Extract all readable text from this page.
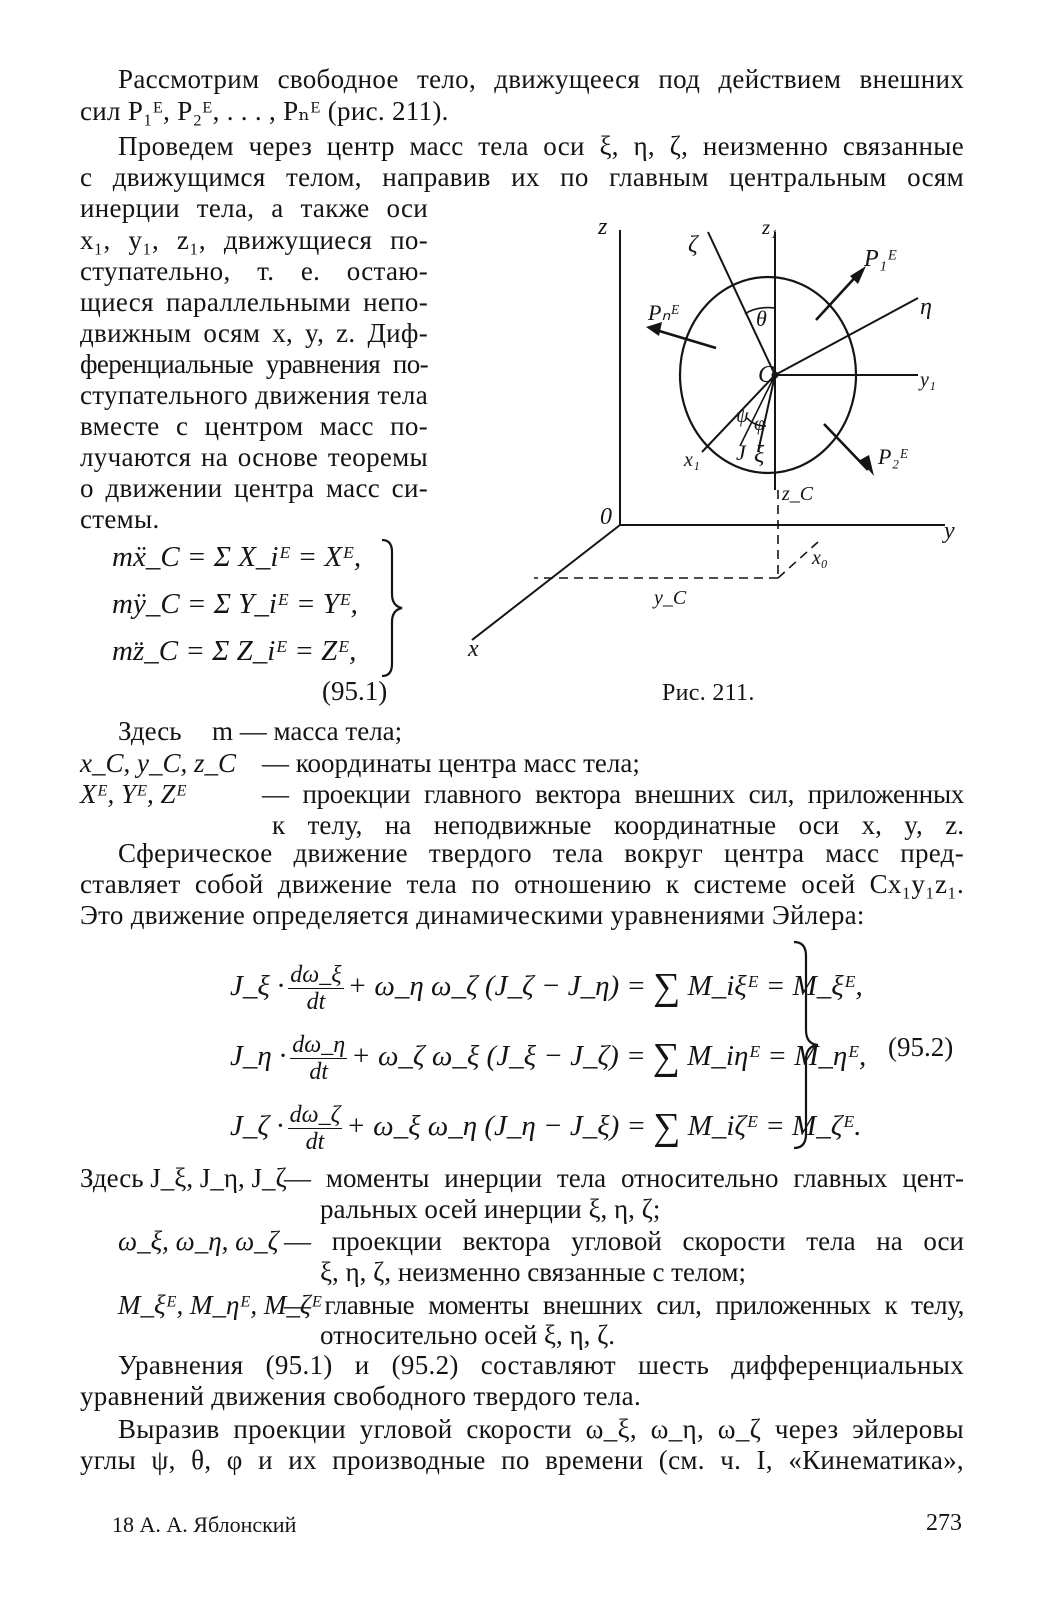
Рассмотрим свободное тело, движущееся под действием внешних
сил P₁ᴱ, P₂ᴱ, . . . , Pₙᴱ (рис. 211).
Проведем через центр масс тела оси ξ, η, ζ, неизменно связанные
с движущимся телом, направив их по главным центральным осям
инерции тела, а также оси
x₁, y₁, z₁, движущиеся по-
ступательно, т. е. остаю-
щиеся параллельными непо-
движным осям x, y, z. Диф-
ференциальные уравнения по-
ступательного движения тела
вместе с центром масс по-
лучаются на основе теоремы
о движении центра масс си-
стемы.
mẍ_C = Σ X_iᴱ = Xᴱ,
mÿ_C = Σ Y_iᴱ = Yᴱ,
mz̈_C = Σ Z_iᴱ = Zᴱ,
(95.1)
z	z₁
ζ
P₁ᴱ
η
Pₙᴱ	θ
C	y₁
ψ φ
J ξ
x₁	P₂ᴱ
z_C
0
y
x₀
y_C
x
Рис. 211.
Здесь m — масса тела;
x_C, y_C, z_C — координаты центра масс тела;
Xᴱ, Yᴱ, Zᴱ	— проекции главного вектора внешних сил, приложенных
к телу, на неподвижные координатные оси x, y, z.
Сферическое движение твердого тела вокруг центра масс пред-
ставляет собой движение тела по отношению к системе осей Cx₁y₁z₁.
Это движение определяется динамическими уравнениями Эйлера:
J_ξ · $\frac{d\omega\_\xi}{dt}$ + ω_η ω_ζ (J_ζ − J_η) = ∑ M_iξᴱ = M_ξᴱ,
J_η · $\frac{d\omega\_\eta}{dt}$ + ω_ζ ω_ξ (J_ξ − J_ζ) = ∑ M_iηᴱ = M_ηᴱ,
J_ζ · $\frac{d\omega\_\zeta}{dt}$ + ω_ξ ω_η (J_η − J_ξ) = ∑ M_iζᴱ = M_ζᴱ.
(95.2)
Здесь J_ξ, J_η, J_ζ
— моменты инерции тела относительно главных цент-
ральных осей инерции ξ, η, ζ;
ω_ξ, ω_η, ω_ζ — проекции вектора угловой скорости тела на оси
ξ, η, ζ, неизменно связанные с телом;
M_ξᴱ, M_ηᴱ, M_ζᴱ
— главные моменты внешних сил, приложенных к телу,
относительно осей ξ, η, ζ.
Уравнения (95.1) и (95.2) составляют шесть дифференциальных
уравнений движения свободного твердого тела.
Выразив проекции угловой скорости ω_ξ, ω_η, ω_ζ через эйлеровы
углы ψ, θ, φ и их производные по времени (см. ч. I, «Кинематика»,
18 А. А. Яблонский	273
